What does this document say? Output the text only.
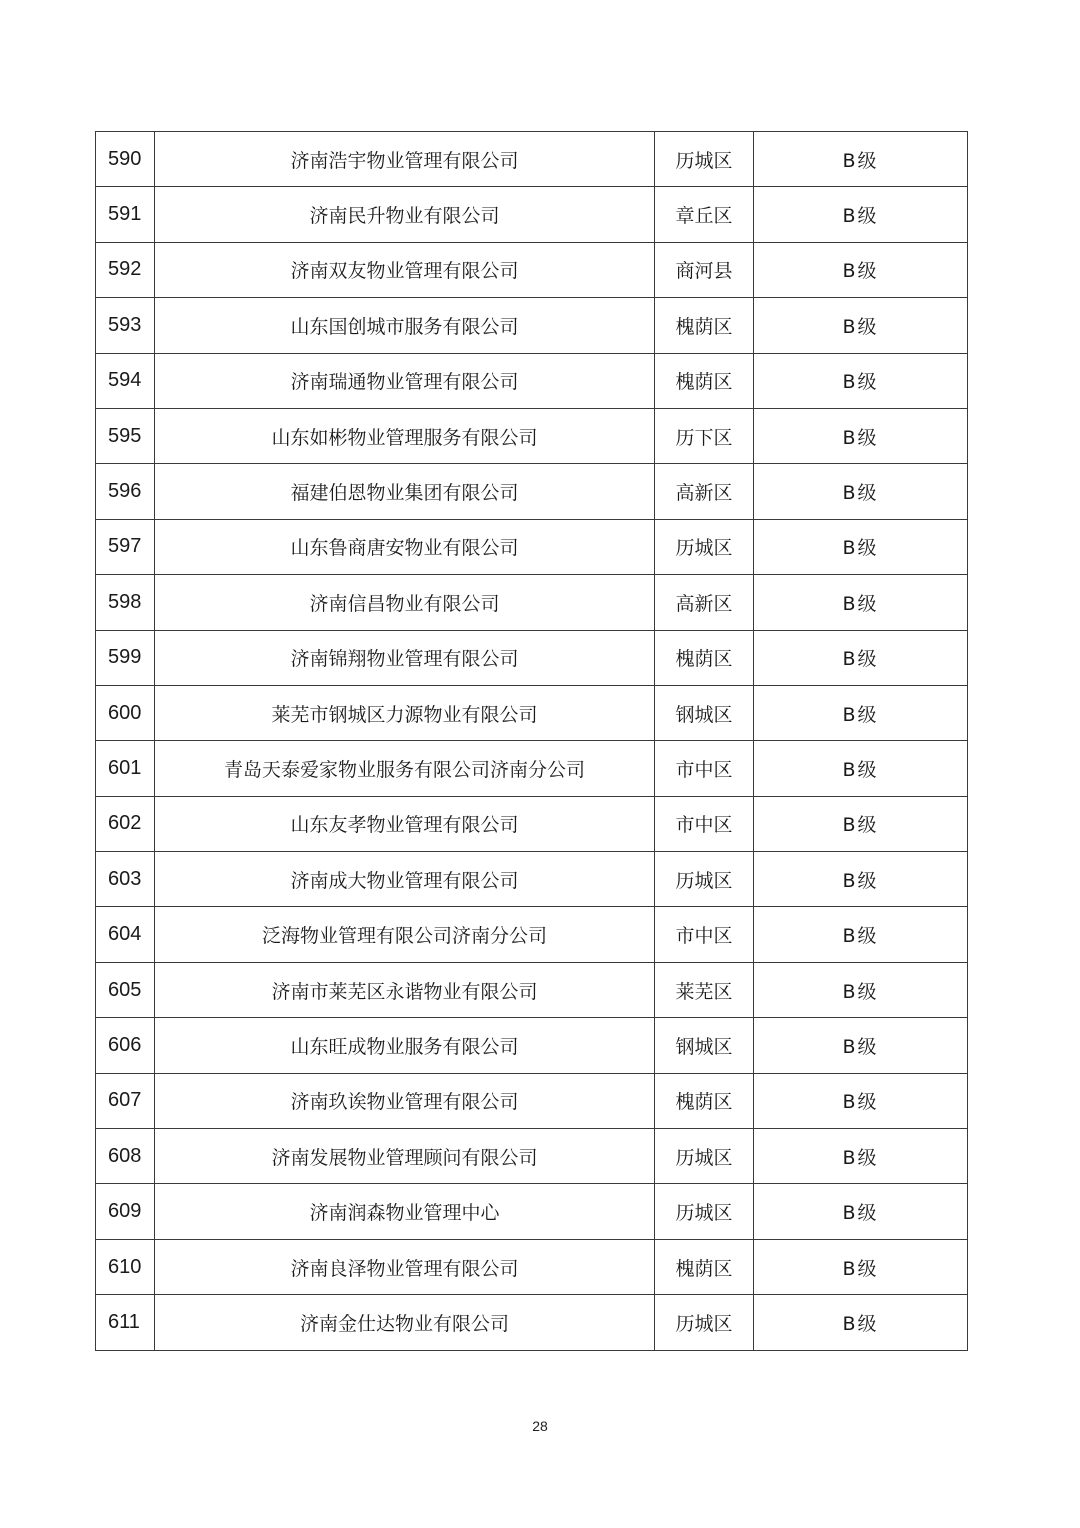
590	济南浩宇物业管理有限公司	历城区	B级
591	济南民升物业有限公司	章丘区	B级
592	济南双友物业管理有限公司	商河县	B级
593	山东国创城市服务有限公司	槐荫区	B级
594	济南瑞通物业管理有限公司	槐荫区	B级
595	山东如彬物业管理服务有限公司	历下区	B级
596	福建伯恩物业集团有限公司	高新区	B级
597	山东鲁商唐安物业有限公司	历城区	B级
598	济南信昌物业有限公司	高新区	B级
599	济南锦翔物业管理有限公司	槐荫区	B级
600	莱芜市钢城区力源物业有限公司	钢城区	B级
601	青岛天泰爱家物业服务有限公司济南分公司	市中区	B级
602	山东友孝物业管理有限公司	市中区	B级
603	济南成大物业管理有限公司	历城区	B级
604	泛海物业管理有限公司济南分公司	市中区	B级
605	济南市莱芜区永谐物业有限公司	莱芜区	B级
606	山东旺成物业服务有限公司	钢城区	B级
607	济南玖诶物业管理有限公司	槐荫区	B级
608	济南发展物业管理顾问有限公司	历城区	B级
609	济南润森物业管理中心	历城区	B级
610	济南良泽物业管理有限公司	槐荫区	B级
611	济南金仕达物业有限公司	历城区	B级
28
